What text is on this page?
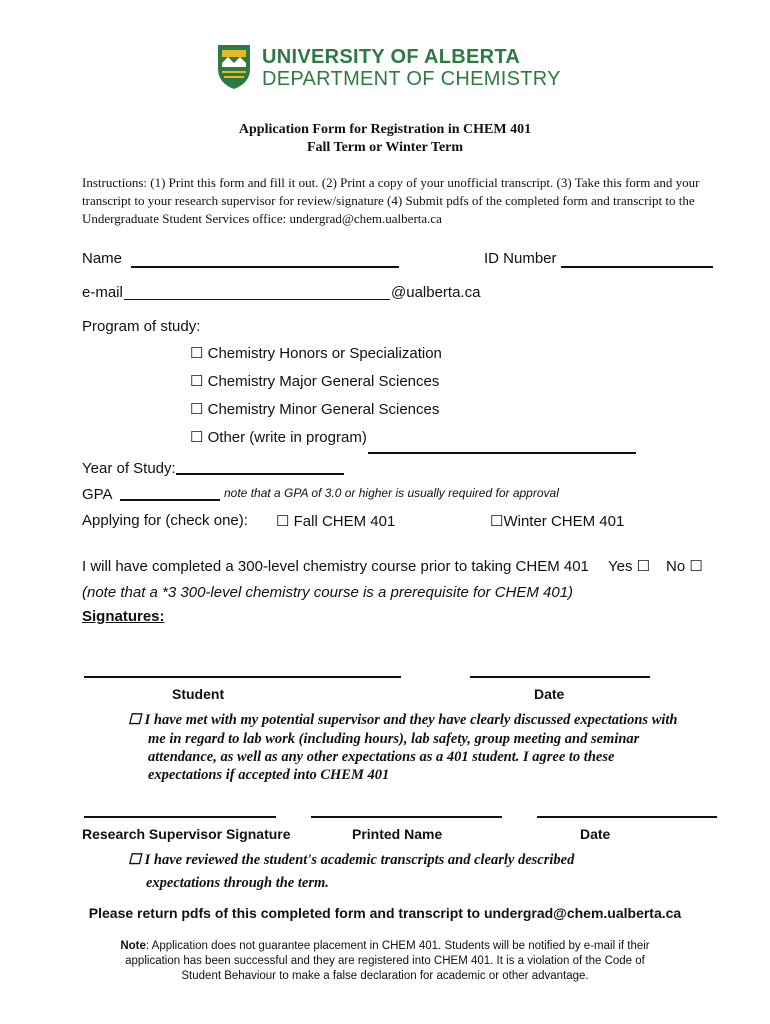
UNIVERSITY OF ALBERTA
DEPARTMENT OF CHEMISTRY
Application Form for Registration in CHEM 401
Fall Term or Winter Term
Instructions: (1) Print this form and fill it out. (2) Print a copy of your unofficial transcript. (3) Take this form and your transcript to your research supervisor for review/signature (4) Submit pdfs of the completed form and transcript to the Undergraduate Student Services office: undergrad@chem.ualberta.ca
Name	ID Number
e-mail	@ualberta.ca
Program of study:
☐ Chemistry Honors or Specialization
☐ Chemistry Major General Sciences
☐ Chemistry Minor General Sciences
☐ Other (write in program)
Year of Study:
GPA	note that a GPA of 3.0 or higher is usually required for approval
Applying for (check one): ☐ Fall CHEM 401	☐Winter CHEM 401
I will have completed a 300-level chemistry course prior to taking CHEM 401 Yes ☐ No ☐
(note that a *3 300-level chemistry course is a prerequisite for CHEM 401)
Signatures:
Student	Date
☐ I have met with my potential supervisor and they have clearly discussed expectations with
me in regard to lab work (including hours), lab safety, group meeting and seminar
attendance, as well as any other expectations as a 401 student. I agree to these
expectations if accepted into CHEM 401
Research Supervisor Signature	Printed Name	Date
☐ I have reviewed the student's academic transcripts and clearly described
expectations through the term.
Please return pdfs of this completed form and transcript to undergrad@chem.ualberta.ca
Note: Application does not guarantee placement in CHEM 401. Students will be notified by e-mail if their
application has been successful and they are registered into CHEM 401. It is a violation of the Code of
Student Behaviour to make a false declaration for academic or other advantage.
